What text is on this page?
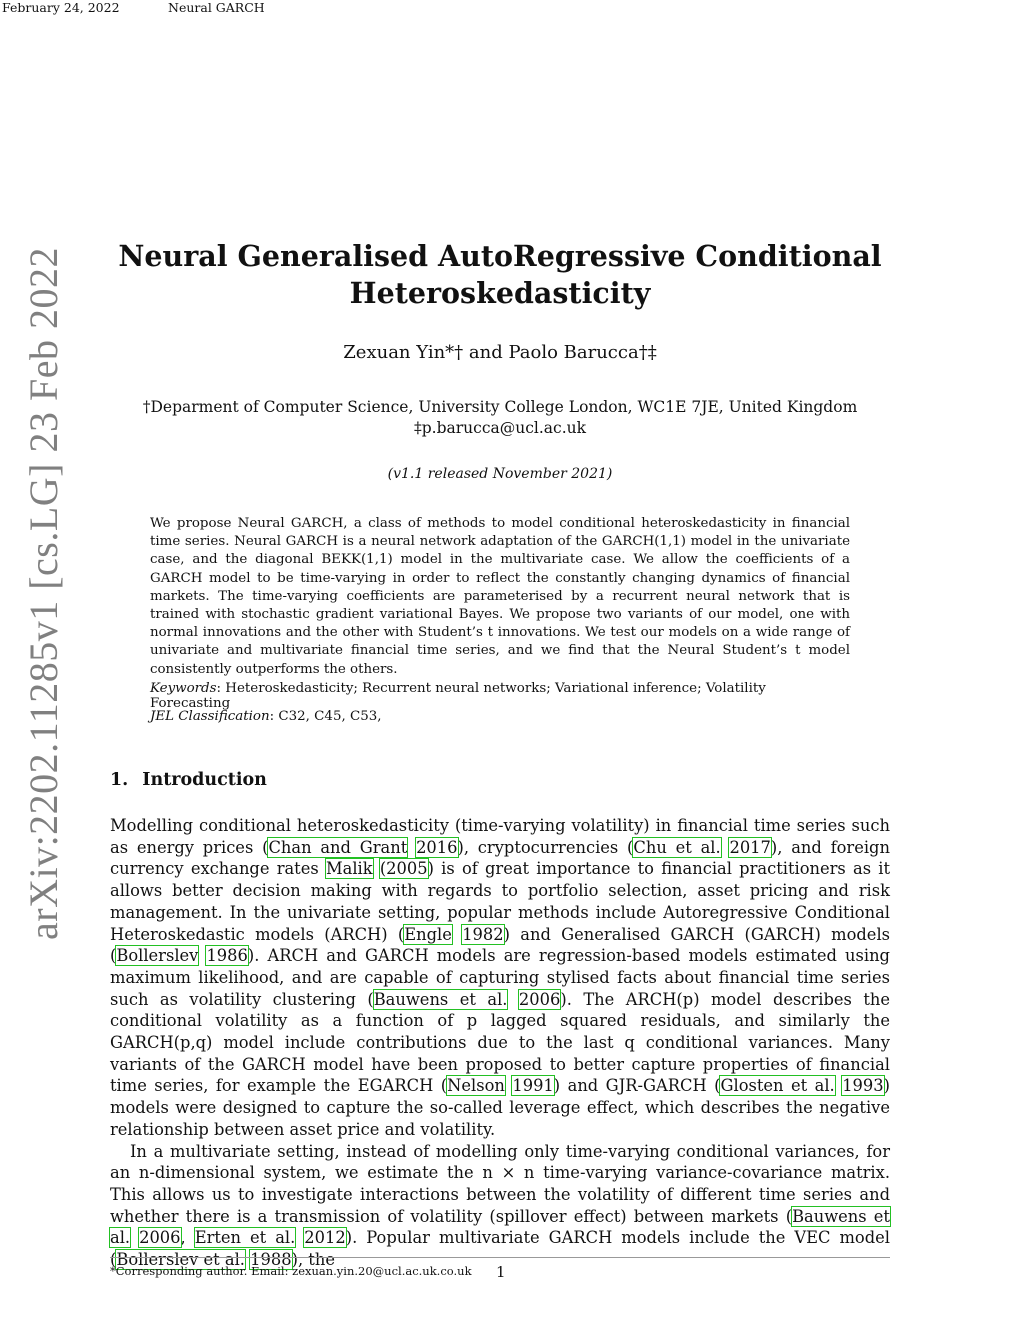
February 24, 2022	Neural GARCH
arXiv:2202.11285v1 [cs.LG] 23 Feb 2022 Neural Generalised AutoRegressive Conditional Heteroskedasticity
Zexuan Yin*† and Paolo Barucca†‡
†Deparment of Computer Science, University College London, WC1E 7JE, United Kingdom
‡p.barucca@ucl.ac.uk
(v1.1 released November 2021)
We propose Neural GARCH, a class of methods to model conditional heteroskedasticity in financial time series. Neural GARCH is a neural network adaptation of the GARCH(1,1) model in the univariate case, and the diagonal BEKK(1,1) model in the multivariate case. We allow the coefficients of a GARCH model to be time-varying in order to reflect the constantly changing dynamics of financial markets. The time-varying coefficients are parameterised by a recurrent neural network that is trained with stochastic gradient variational Bayes. We propose two variants of our model, one with normal innovations and the other with Student’s t innovations. We test our models on a wide range of univariate and multivariate financial time series, and we find that the Neural Student’s t model consistently outperforms the others.
Keywords: Heteroskedasticity; Recurrent neural networks; Variational inference; Volatility Forecasting
JEL Classification: C32, C45, C53,
1. Introduction

Modelling conditional heteroskedasticity (time-varying volatility) in financial time series such as energy prices (Chan and Grant 2016), cryptocurrencies (Chu et al. 2017), and foreign currency exchange rates Malik (2005) is of great importance to financial practitioners as it allows better decision making with regards to portfolio selection, asset pricing and risk management. In the univariate setting, popular methods include Autoregressive Conditional Heteroskedastic models (ARCH) (Engle 1982) and Generalised GARCH (GARCH) models (Bollerslev 1986). ARCH and GARCH models are regression-based models estimated using maximum likelihood, and are capable of capturing stylised facts about financial time series such as volatility clustering (Bauwens et al. 2006). The ARCH(p) model describes the conditional volatility as a function of p lagged squared residuals, and similarly the GARCH(p,q) model include contributions due to the last q conditional variances. Many variants of the GARCH model have been proposed to better capture properties of financial time series, for example the EGARCH (Nelson 1991) and GJR-GARCH (Glosten et al. 1993) models were designed to capture the so-called leverage effect, which describes the negative relationship between asset price and volatility.

In a multivariate setting, instead of modelling only time-varying conditional variances, for an n-dimensional system, we estimate the n × n time-varying variance-covariance matrix. This allows us to investigate interactions between the volatility of different time series and whether there is a transmission of volatility (spillover effect) between markets (Bauwens et al. 2006, Erten et al. 2012). Popular multivariate GARCH models include the VEC model (Bollerslev et al. 1988), the

*Corresponding author. Email: zexuan.yin.20@ucl.ac.uk.co.uk 1
